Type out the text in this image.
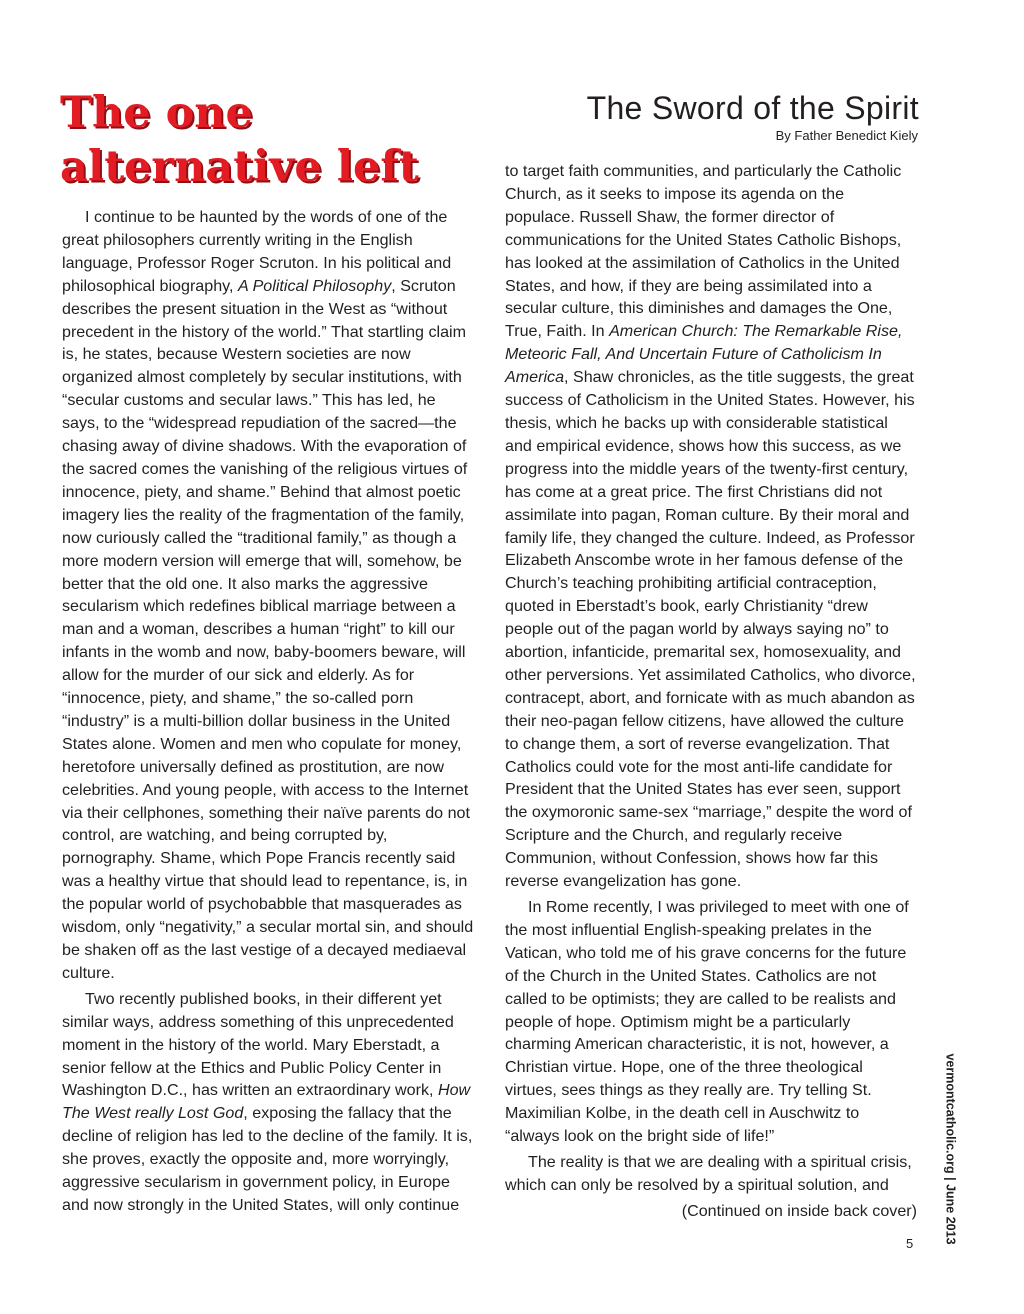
The one alternative left
The Sword of the Spirit
By Father Benedict Kiely

I continue to be haunted by the words of one of the great philosophers currently writing in the English language, Professor Roger Scruton. In his political and philosophical biography, A Political Philosophy, Scruton describes the present situation in the West as “without precedent in the history of the world.” That startling claim is, he states, because Western societies are now organized almost completely by secular institutions, with “secular customs and secular laws.” This has led, he says, to the “widespread repudiation of the sacred—the chasing away of divine shadows. With the evaporation of the sacred comes the vanishing of the religious virtues of innocence, piety, and shame.” Behind that almost poetic imagery lies the reality of the fragmentation of the family, now curiously called the “traditional family,” as though a more modern version will emerge that will, somehow, be better that the old one. It also marks the aggressive secularism which redefines biblical marriage between a man and a woman, describes a human “right” to kill our infants in the womb and now, baby-boomers beware, will allow for the murder of our sick and elderly. As for “innocence, piety, and shame,” the so-called porn “industry” is a multi-billion dollar business in the United States alone. Women and men who copulate for money, heretofore universally defined as prostitution, are now celebrities. And young people, with access to the Internet via their cellphones, something their naïve parents do not control, are watching, and being corrupted by, pornography. Shame, which Pope Francis recently said was a healthy virtue that should lead to repentance, is, in the popular world of psychobabble that masquerades as wisdom, only “negativity,” a secular mortal sin, and should be shaken off as the last vestige of a decayed mediaeval culture.

Two recently published books, in their different yet similar ways, address something of this unprecedented moment in the history of the world. Mary Eberstadt, a senior fellow at the Ethics and Public Policy Center in Washington D.C., has written an extraordinary work, How The West really Lost God, exposing the fallacy that the decline of religion has led to the decline of the family. It is, she proves, exactly the opposite and, more worryingly, aggressive secularism in government policy, in Europe and now strongly in the United States, will only continue

to target faith communities, and particularly the Catholic Church, as it seeks to impose its agenda on the populace. Russell Shaw, the former director of communications for the United States Catholic Bishops, has looked at the assimilation of Catholics in the United States, and how, if they are being assimilated into a secular culture, this diminishes and damages the One, True, Faith. In American Church: The Remarkable Rise, Meteoric Fall, And Uncertain Future of Catholicism In America, Shaw chronicles, as the title suggests, the great success of Catholicism in the United States. However, his thesis, which he backs up with considerable statistical and empirical evidence, shows how this success, as we progress into the middle years of the twenty-first century, has come at a great price. The first Christians did not assimilate into pagan, Roman culture. By their moral and family life, they changed the culture. Indeed, as Professor Elizabeth Anscombe wrote in her famous defense of the Church’s teaching prohibiting artificial contraception, quoted in Eberstadt’s book, early Christianity “drew people out of the pagan world by always saying no” to abortion, infanticide, premarital sex, homosexuality, and other perversions. Yet assimilated Catholics, who divorce, contracept, abort, and fornicate with as much abandon as their neo-pagan fellow citizens, have allowed the culture to change them, a sort of reverse evangelization. That Catholics could vote for the most anti-life candidate for President that the United States has ever seen, support the oxymoronic same-sex “marriage,” despite the word of Scripture and the Church, and regularly receive Communion, without Confession, shows how far this reverse evangelization has gone.

In Rome recently, I was privileged to meet with one of the most influential English-speaking prelates in the Vatican, who told me of his grave concerns for the future of the Church in the United States. Catholics are not called to be optimists; they are called to be realists and people of hope. Optimism might be a particularly charming American characteristic, it is not, however, a Christian virtue. Hope, one of the three theological virtues, sees things as they really are. Try telling St. Maximilian Kolbe, in the death cell in Auschwitz to “always look on the bright side of life!”

The reality is that we are dealing with a spiritual crisis, which can only be resolved by a spiritual solution, and

(Continued on inside back cover) vermontcatholic.org | June 2013
5
